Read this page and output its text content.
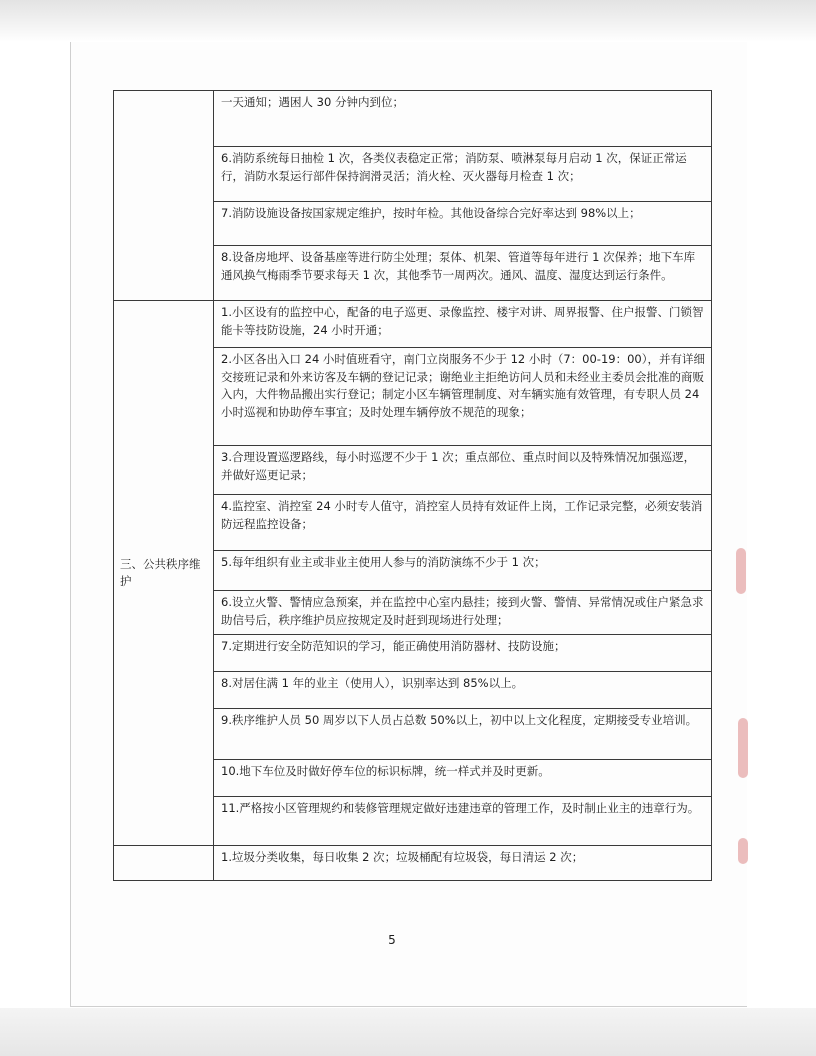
	一天通知；遇困人 30 分钟内到位；

	6.消防系统每日抽检 1 次，各类仪表稳定正常；消防泵、喷淋泵每月启动 1 次，保证正常运行，消防水泵运行部件保持润滑灵活；消火栓、灭火器每月检查 1 次；

	7.消防设施设备按国家规定维护，按时年检。其他设备综合完好率达到 98%以上；

	8.设备房地坪、设备基座等进行防尘处理；泵体、机架、管道等每年进行 1 次保养；地下车库通风换气梅雨季节要求每天 1 次，其他季节一周两次。通风、温度、湿度达到运行条件。

三、公共秩序维护	1.小区设有的监控中心，配备的电子巡更、录像监控、楼宇对讲、周界报警、住户报警、门锁智能卡等技防设施，24 小时开通；

	2.小区各出入口 24 小时值班看守，南门立岗服务不少于 12 小时（7：00-19：00），并有详细交接班记录和外来访客及车辆的登记记录；谢绝业主拒绝访问人员和未经业主委员会批准的商贩入内，大件物品搬出实行登记；制定小区车辆管理制度、对车辆实施有效管理，有专职人员 24 小时巡视和协助停车事宜；及时处理车辆停放不规范的现象；

	3.合理设置巡逻路线，每小时巡逻不少于 1 次；重点部位、重点时间以及特殊情况加强巡逻，并做好巡更记录；

	4.监控室、消控室 24 小时专人值守，消控室人员持有效证件上岗，工作记录完整，必须安装消防远程监控设备；

	5.每年组织有业主或非业主使用人参与的消防演练不少于 1 次；

	6.设立火警、警情应急预案，并在监控中心室内悬挂；接到火警、警情、异常情况或住户紧急求助信号后，秩序维护员应按规定及时赶到现场进行处理；

	7.定期进行安全防范知识的学习，能正确使用消防器材、技防设施；

	8.对居住满 1 年的业主（使用人），识别率达到 85%以上。

	9.秩序维护人员 50 周岁以下人员占总数 50%以上，初中以上文化程度，定期接受专业培训。

	10.地下车位及时做好停车位的标识标牌，统一样式并及时更新。

	11.严格按小区管理规约和装修管理规定做好违建违章的管理工作，及时制止业主的违章行为。

	1.垃圾分类收集，每日收集 2 次；垃圾桶配有垃圾袋，每日清运 2 次；
5
